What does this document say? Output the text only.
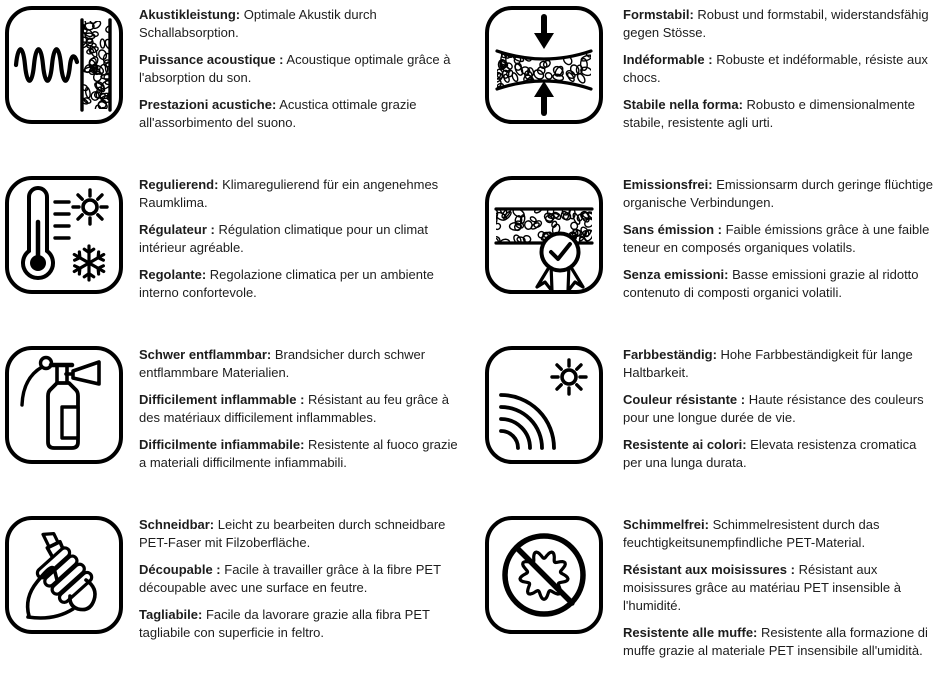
Akustikleistung: Optimale Akustik durch Schallabsorption.

Puissance acoustique : Acoustique optimale grâce à l'absorption du son.

Prestazioni acustiche: Acustica ottimale grazie all'assorbimento del suono.

Formstabil: Robust und formstabil, widerstandsfähig gegen Stösse.

Indéformable : Robuste et indéformable, résiste aux chocs.

Stabile nella forma: Robusto e dimensionalmente stabile, resistente agli urti.

Regulierend: Klimaregulierend für ein angenehmes Raumklima.

Régulateur : Régulation climatique pour un climat intérieur agréable.

Regolante: Regolazione climatica per un ambiente interno confortevole.

Emissionsfrei: Emissionsarm durch geringe flüchtige organische Verbindungen.

Sans émission : Faible émissions grâce à une faible teneur en composés organiques volatils.

Senza emissioni: Basse emissioni grazie al ridotto contenuto di composti organici volatili.

Schwer entflammbar: Brandsicher durch schwer entflammbare Materialien.

Difficilement inflammable : Résistant au feu grâce à des matériaux difficilement inflammables.

Difficilmente infiammabile: Resistente al fuoco grazie a materiali difficilmente infiammabili.

Farbbeständig: Hohe Farbbeständigkeit für lange Haltbarkeit.

Couleur résistante : Haute résistance des couleurs pour une longue durée de vie.

Resistente ai colori: Elevata resistenza cromatica per una lunga durata.

Schneidbar: Leicht zu bearbeiten durch schneidbare PET-Faser mit Filzoberfläche.

Découpable : Facile à travailler grâce à la fibre PET découpable avec une surface en feutre.

Tagliabile: Facile da lavorare grazie alla fibra PET tagliabile con superficie in feltro.

Schimmelfrei: Schimmelresistent durch das feuchtigkeitsunempfindliche PET-Material.

Résistant aux moisissures : Résistant aux moisissures grâce au matériau PET insensible à l'humidité.

Resistente alle muffe: Resistente alla formazione di muffe grazie al materiale PET insensibile all'umidità.
